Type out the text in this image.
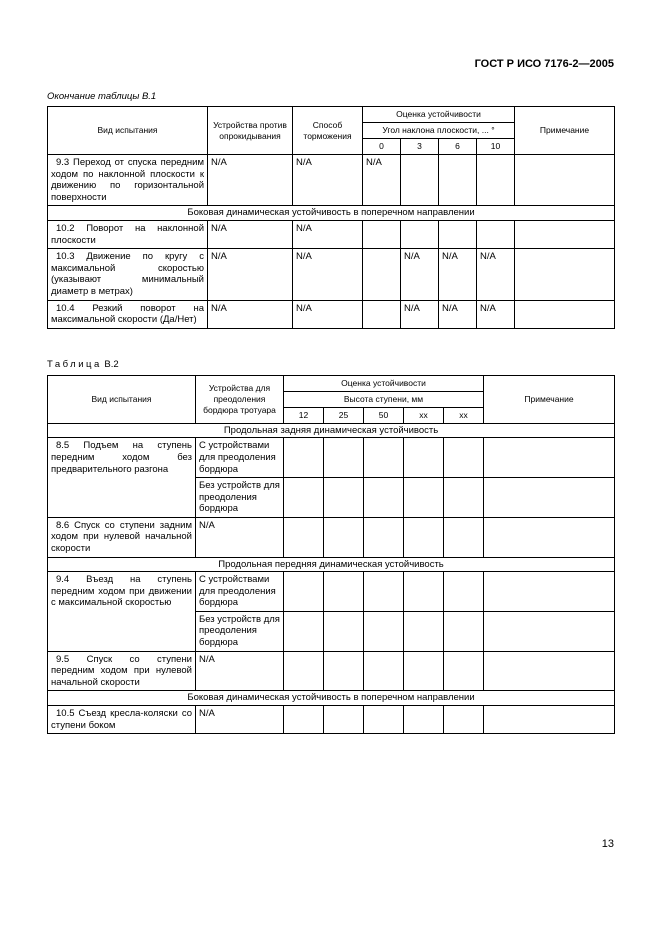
ГОСТ Р ИСО 7176-2—2005
Окончание таблицы В.1
Вид испытания	Устройства против опрокидывания	Способ торможения	Оценка устойчивости				Примечание
			Угол наклона плоскости, ... °				
			0	3	6	10	
9.3 Переход от спуска передним ходом по наклонной плоскости к движению по горизонтальной поверхности	N/A	N/A	N/A				
Боковая динамическая устойчивость в поперечном направлении							
10.2 Поворот на наклонной плоскости	N/A	N/A					
10.3 Движение по кругу с максимальной скоростью (указывают минимальный диаметр в метрах)	N/A	N/A		N/A	N/A	N/A	
10.4 Резкий поворот на максимальной скорости (Да/Нет)	N/A	N/A		N/A	N/A	N/A	
Таблица В.2
Вид испытания	Устройства для преодоления бордюра тротуара	Оценка устойчивости					Примечание
		Высота ступени, мм					
		12	25	50	xx	xx	
Продольная задняя динамическая устойчивость							
8.5 Подъем на ступень передним ходом без предварительного разгона	С устройствами для преодоления бордюра						
	Без устройств для преодоления бордюра						
8.6 Спуск со ступени задним ходом при нулевой начальной скорости	N/A						
Продольная передняя динамическая устойчивость							
9.4 Въезд на ступень передним ходом при движении с максимальной скоростью	С устройствами для преодоления бордюра						
	Без устройств для преодоления бордюра						
9.5 Спуск со ступени передним ходом при нулевой начальной скорости	N/A						
Боковая динамическая устойчивость в поперечном направлении							
10.5 Съезд кресла-коляски со ступени боком	N/A						
13
